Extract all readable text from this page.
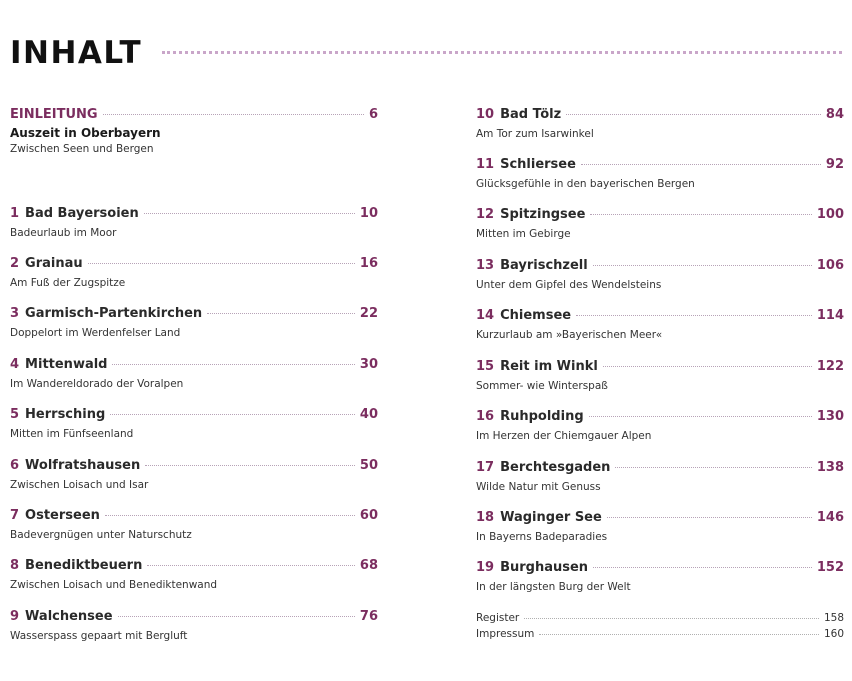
INHALT
EINLEITUNG	6
Auszeit in Oberbayern
Zwischen Seen und Bergen
1 Bad Bayersoien	10
Badeurlaub im Moor
2 Grainau	16
Am Fuß der Zugspitze
3 Garmisch-Partenkirchen	22
Doppelort im Werdenfelser Land
4 Mittenwald	30
Im Wandereldorado der Voralpen
5 Herrsching	40
Mitten im Fünfseenland
6 Wolfratshausen	50
Zwischen Loisach und Isar
7 Osterseen	60
Badevergnügen unter Naturschutz
8 Benediktbeuern	68
Zwischen Loisach und Benediktenwand
9 Walchensee	76
Wasserspass gepaart mit Bergluft
10 Bad Tölz	84
Am Tor zum Isarwinkel
11 Schliersee	92
Glücksgefühle in den bayerischen Bergen
12 Spitzingsee	100
Mitten im Gebirge
13 Bayrischzell	106
Unter dem Gipfel des Wendelsteins
14 Chiemsee	114
Kurzurlaub am »Bayerischen Meer«
15 Reit im Winkl	122
Sommer- wie Winterspaß
16 Ruhpolding	130
Im Herzen der Chiemgauer Alpen
17 Berchtesgaden	138
Wilde Natur mit Genuss
18 Waginger See	146
In Bayerns Badeparadies
19 Burghausen	152
In der längsten Burg der Welt
Register	158
Impressum	160
